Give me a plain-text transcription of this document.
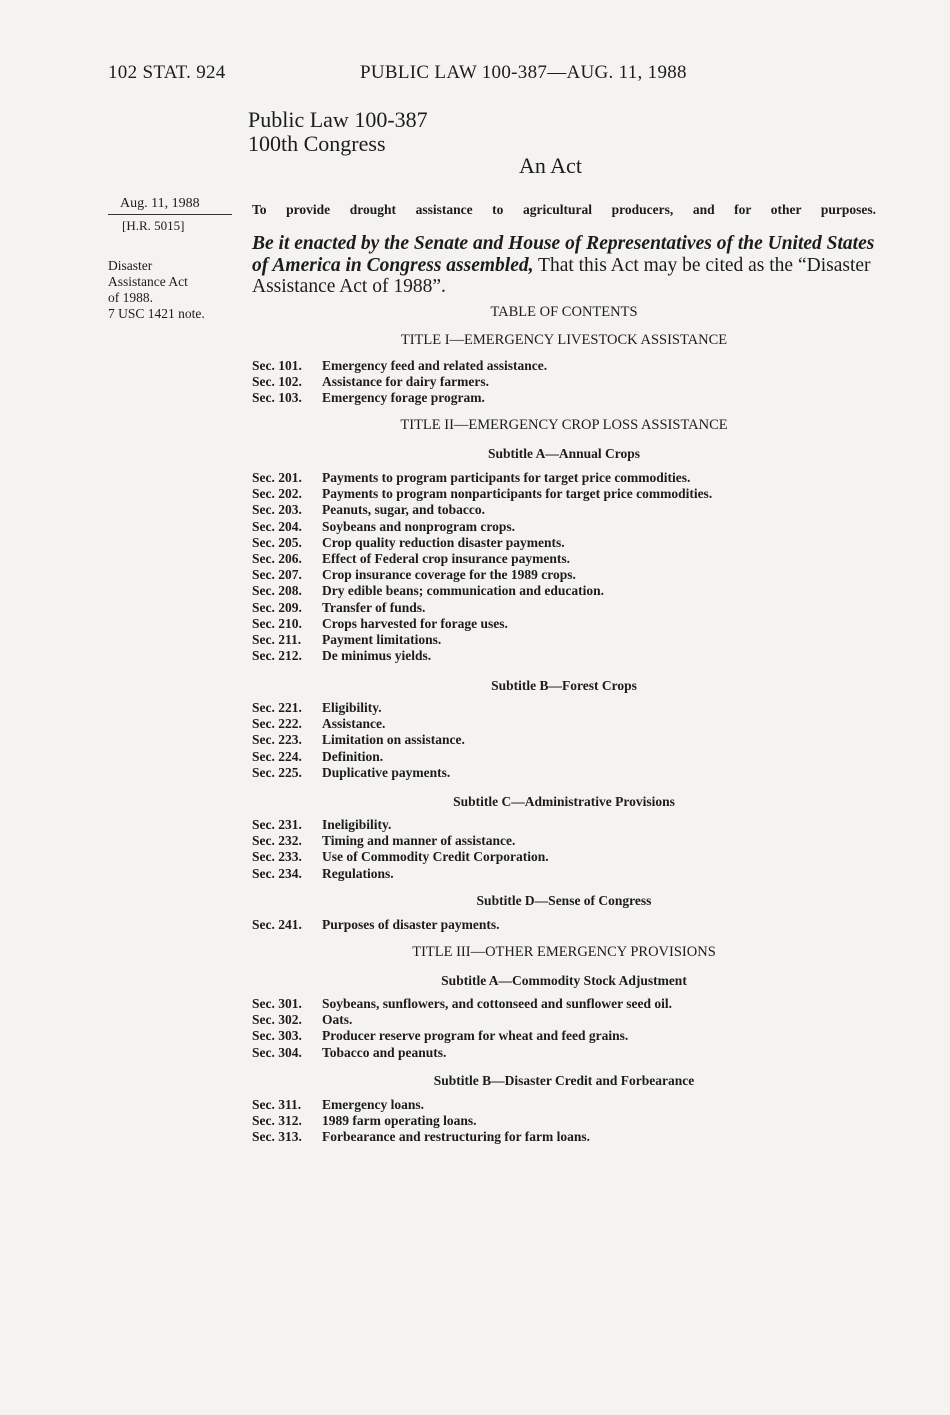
102 STAT. 924	PUBLIC LAW 100-387—AUG. 11, 1988
Public Law 100-387
100th Congress
An Act
Aug. 11, 1988
[H.R. 5015]
Disaster
Assistance Act
of 1988.
7 USC 1421 note.
To provide drought assistance to agricultural producers, and for other purposes.
Be it enacted by the Senate and House of Representatives of the United States of America in Congress assembled, That this Act may be cited as the “Disaster Assistance Act of 1988”.
TABLE OF CONTENTS
TITLE I—EMERGENCY LIVESTOCK ASSISTANCE
Sec. 101. Emergency feed and related assistance.
Sec. 102. Assistance for dairy farmers.
Sec. 103. Emergency forage program.
TITLE II—EMERGENCY CROP LOSS ASSISTANCE
Subtitle A—Annual Crops
Sec. 201. Payments to program participants for target price commodities.
Sec. 202. Payments to program nonparticipants for target price commodities.
Sec. 203. Peanuts, sugar, and tobacco.
Sec. 204. Soybeans and nonprogram crops.
Sec. 205. Crop quality reduction disaster payments.
Sec. 206. Effect of Federal crop insurance payments.
Sec. 207. Crop insurance coverage for the 1989 crops.
Sec. 208. Dry edible beans; communication and education.
Sec. 209. Transfer of funds.
Sec. 210. Crops harvested for forage uses.
Sec. 211. Payment limitations.
Sec. 212. De minimus yields.
Subtitle B—Forest Crops
Sec. 221. Eligibility.
Sec. 222. Assistance.
Sec. 223. Limitation on assistance.
Sec. 224. Definition.
Sec. 225. Duplicative payments.
Subtitle C—Administrative Provisions
Sec. 231. Ineligibility.
Sec. 232. Timing and manner of assistance.
Sec. 233. Use of Commodity Credit Corporation.
Sec. 234. Regulations.
Subtitle D—Sense of Congress
Sec. 241. Purposes of disaster payments.
TITLE III—OTHER EMERGENCY PROVISIONS
Subtitle A—Commodity Stock Adjustment
Sec. 301. Soybeans, sunflowers, and cottonseed and sunflower seed oil.
Sec. 302. Oats.
Sec. 303. Producer reserve program for wheat and feed grains.
Sec. 304. Tobacco and peanuts.
Subtitle B—Disaster Credit and Forbearance
Sec. 311. Emergency loans.
Sec. 312. 1989 farm operating loans.
Sec. 313. Forbearance and restructuring for farm loans.
